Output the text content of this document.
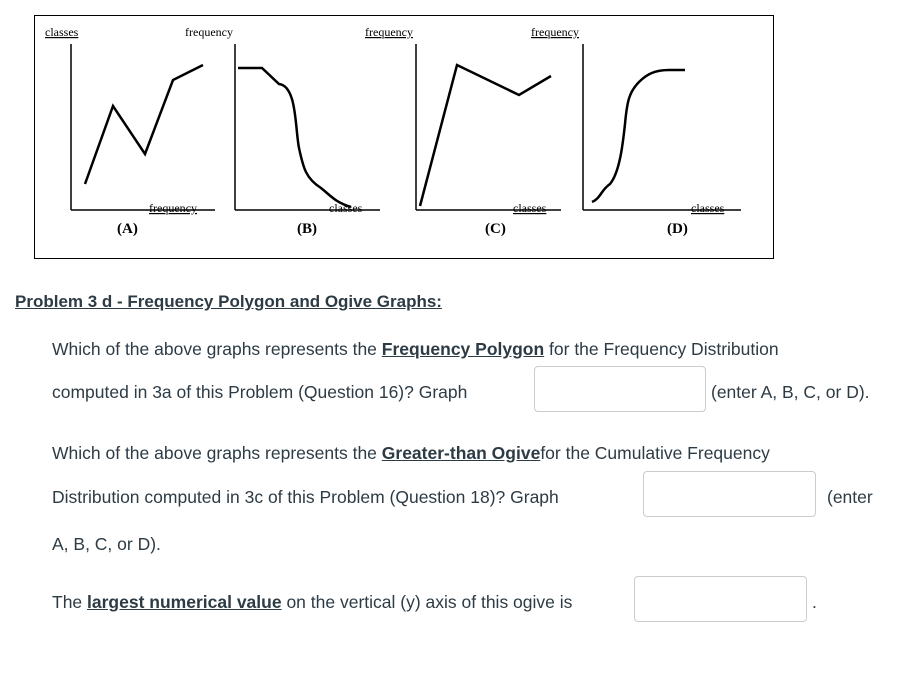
classes
frequency
(A)
frequency
classes
(B)
frequency
classes
(C)
frequency
classes
(D)
Problem 3 d - Frequency Polygon and Ogive Graphs:
Which of the above graphs represents the Frequency Polygon for the Frequency Distribution
computed in 3a of this Problem (Question 16)? Graph	(enter A, B, C, or D).
Which of the above graphs represents the Greater-than Ogivefor the Cumulative Frequency
Distribution computed in 3c of this Problem (Question 18)? Graph	(enter
A, B, C, or D).
The largest numerical value on the vertical (y) axis of this ogive is	.
